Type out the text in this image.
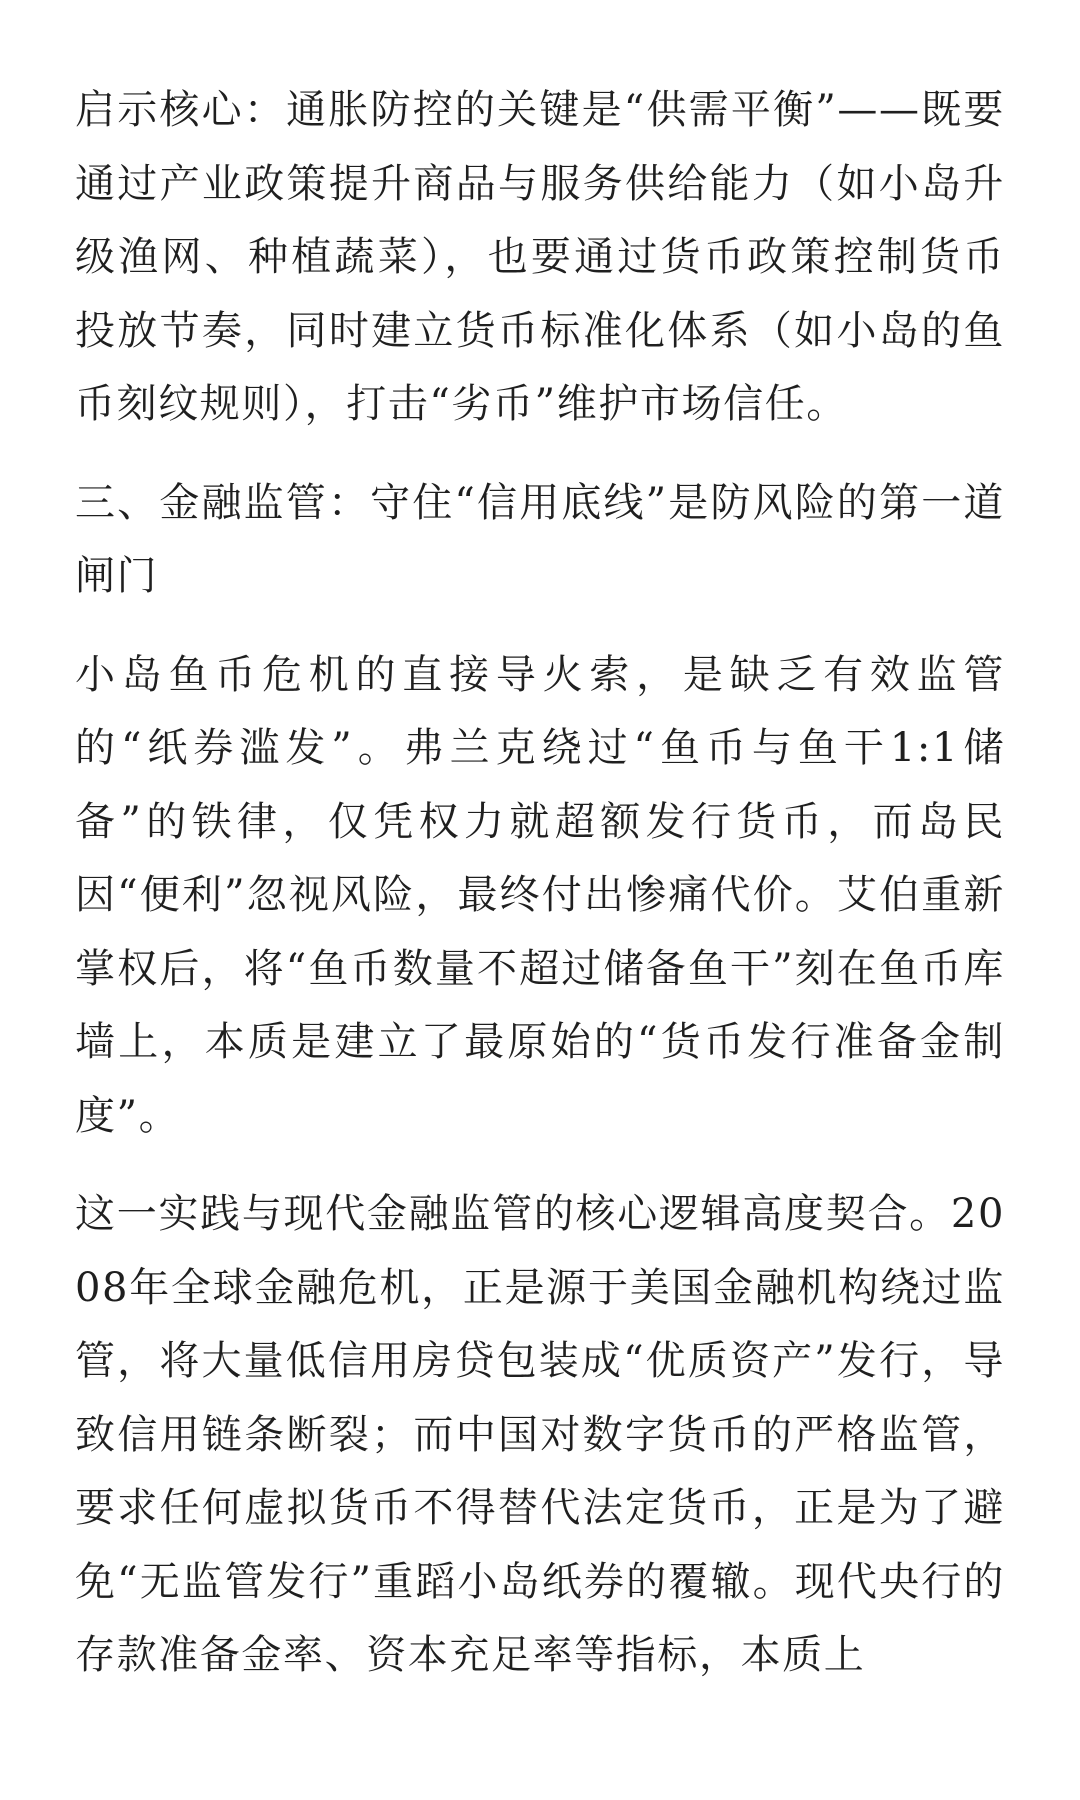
启示核心：通胀防控的关键是“供需平衡”——既要通过产业政策提升商品与服务供给能力（如小岛升级渔网、种植蔬菜），也要通过货币政策控制货币投放节奏，同时建立货币标准化体系（如小岛的鱼币刻纹规则），打击“劣币”维护市场信任。

三、金融监管：守住“信用底线”是防风险的第一道闸门

小岛鱼币危机的直接导火索，是缺乏有效监管的“纸券滥发”。弗兰克绕过“鱼币与鱼干1:1储备”的铁律，仅凭权力就超额发行货币，而岛民因“便利”忽视风险，最终付出惨痛代价。艾伯重新掌权后，将“鱼币数量不超过储备鱼干”刻在鱼币库墙上，本质是建立了最原始的“货币发行准备金制度”。

这一实践与现代金融监管的核心逻辑高度契合。2008年全球金融危机，正是源于美国金融机构绕过监管，将大量低信用房贷包装成“优质资产”发行，导致信用链条断裂；而中国对数字货币的严格监管，要求任何虚拟货币不得替代法定货币，正是为了避免“无监管发行”重蹈小岛纸券的覆辙。现代央行的存款准备金率、资本充足率等指标，本质上
